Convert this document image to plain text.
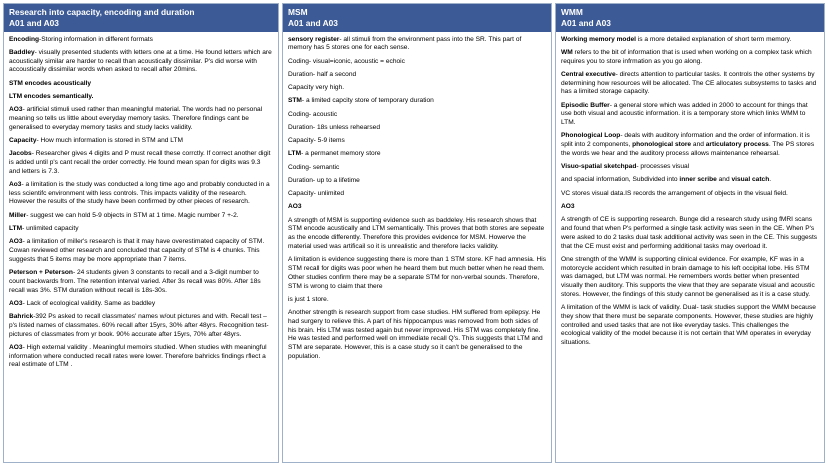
Research into capacity, encoding and duration
A01 and A03

Encoding-Storing information in different formats

Baddley- visually presented students with letters one at a time. He found letters which are acoustically similar are harder to recall than acoustically dissimilar. P's did worse with accoustically dissimilar words when asked to recall after 20mins.

STM encodes acoustically

LTM encodes semantically.

AO3- artificial stimuli used rather than meaningful material. The words had no personal meaning so tells us little about everyday memory tasks. Therefore findings cant be generalised to everyday memory tasks and study lacks validity.

Capacity- How much information is stored in STM and LTM

Jacobs- Researcher gives 4 digits and P must recall these corrctly. If correct another digit is added until p's cant recall the order correctly. He found mean span for digits was 9.3 and letters is 7.3.

Ao3- a limitation is the study was conducted a long time ago and probably conducted in a less scientifc environment with less controls. This impacts validity of the research. However the results of the study have been confirmed by other pieces of research.

Miller- suggest we can hold 5-9 objects in STM at 1 time. Magic number 7 +-2.

LTM- unlimited capacity

AO3- a limitation of miller's research is that it may have overestimated capacity of STM. Cowan reviewed other research and concluded that capacity of STM is 4 chunks. This suggests that 5 items may be more appropriate than 7 items.

Peterson + Peterson- 24 students given 3 constants to recall and a 3-digit number to count backwards from. The retention interval varied. After 3s recall was 80%. After 18s recall was 3%. STM duration without recall is 18s-30s.

AO3- Lack of ecological validity. Same as baddley

Bahrick-392 Ps asked to recall classmates' names w/out pictures and with. Recall test – p's listed names of classmates. 60% recall after 15yrs, 30% after 48yrs. Recognition test- pictures of classmates from yr book. 90% accurate after 15yrs, 70% after 48yrs.

AO3- High external validity . Meaningful memoirs studied. When studies with meaningful information where conducted recall rates were lower. Therefore bahricks findings rflect a real estimate of LTM .

MSM
A01 and A03

sensory register- all stimuli from the environment pass into the SR. This part of memory has 5 stores one for each sense.

Coding- visual=iconic, acoustic = echoic

Duration- half a second

Capacity very high.

STM- a limited capcity store of temporary duration

Coding- acoustic

Duration- 18s unless rehearsed

Capacity- 5-9 items

LTM- a permanet memory store

Coding- semantic

Duration- up to a lifetime

Capacity- unlimited

AO3

A strength of MSM is supporting evidence such as baddeley. His research shows that STM encode acustically and LTM semantically. This proves that both stores are sepeate as the encode differently. Therefore this provides evidence for MSM. Howerve the material used was artificail so it is unrealistic and therefore lacks validity.

A limitation is evidence suggesting there is more than 1 STM store. KF had amnesia. His STM recall for digits was poor when he heard them but much better when he read them. Other studies confirm there may be a separate STM for non-verbal sounds. Therefore, STM is wrong to claim that there

is just 1 store.

Another strength is research support from case studies. HM suffered from epilepsy. He had surgery to relieve this. A part of his hippocampus was removed from both sides of his brain. His LTM was tested again but never improved. His STM was completely fine. He was tested and performed well on immediate recall Q's. This suggests that LTM and STM are separate. However, this is a case study so it can't be generalised to the population.

WMM
A01 and A03

Working memory model is a more detailed explanation of short term memory.

WM refers to the bit of information that is used when working on a complex task which requires you to store infrmation as you go along.

Central executive- directs attention to particular tasks. It controls the other systems by determining how resources will be allocated. The CE allocates subsystems to tasks and has a limited storage capacity.

Episodic Buffer- a general store which was added in 2000 to account for things that use both visual and acoustic information. it is a temporary store which links WMM to LTM.

Phonological Loop- deals with auditory information and the order of information. it is split into 2 components, phonological store and articulatory process. The PS stores the words we hear and the auditory process allows maintenance rehearsal.

Visuo-spatial sketchpad- processes visual

and spacial information, Subdivided into inner scribe and visual catch.

VC stores visual data.IS records the arrangement of objects in the visual field.

AO3

A strength of CE is supporting research. Bunge did a research study using fMRI scans and found that when P's performed a single task activity was seen in the CE. When P's were asked to do 2 tasks dual task additional activity was seen in the CE. This suggests that the CE must exist and performing additional tasks may overload it.

One strength of the WMM is supporting clinical evidence. For example, KF was in a motorcycle accident which resulted in brain damage to his left occipital lobe. His STM was damaged, but LTM was normal. He remembers words better when presented visually then auditory. This supports the view that they are separate visual and acoustic stores. However, the findings of this study cannot be generalised as it is a case study.

A limitation of the WMM is lack of validity. Dual- task studies support the WMM because they show that there must be separate components. However, these studies are highly controlled and used tasks that are not like everyday tasks. This challenges the ecological validity of the model because it is not certain that WM operates in everyday situations.
